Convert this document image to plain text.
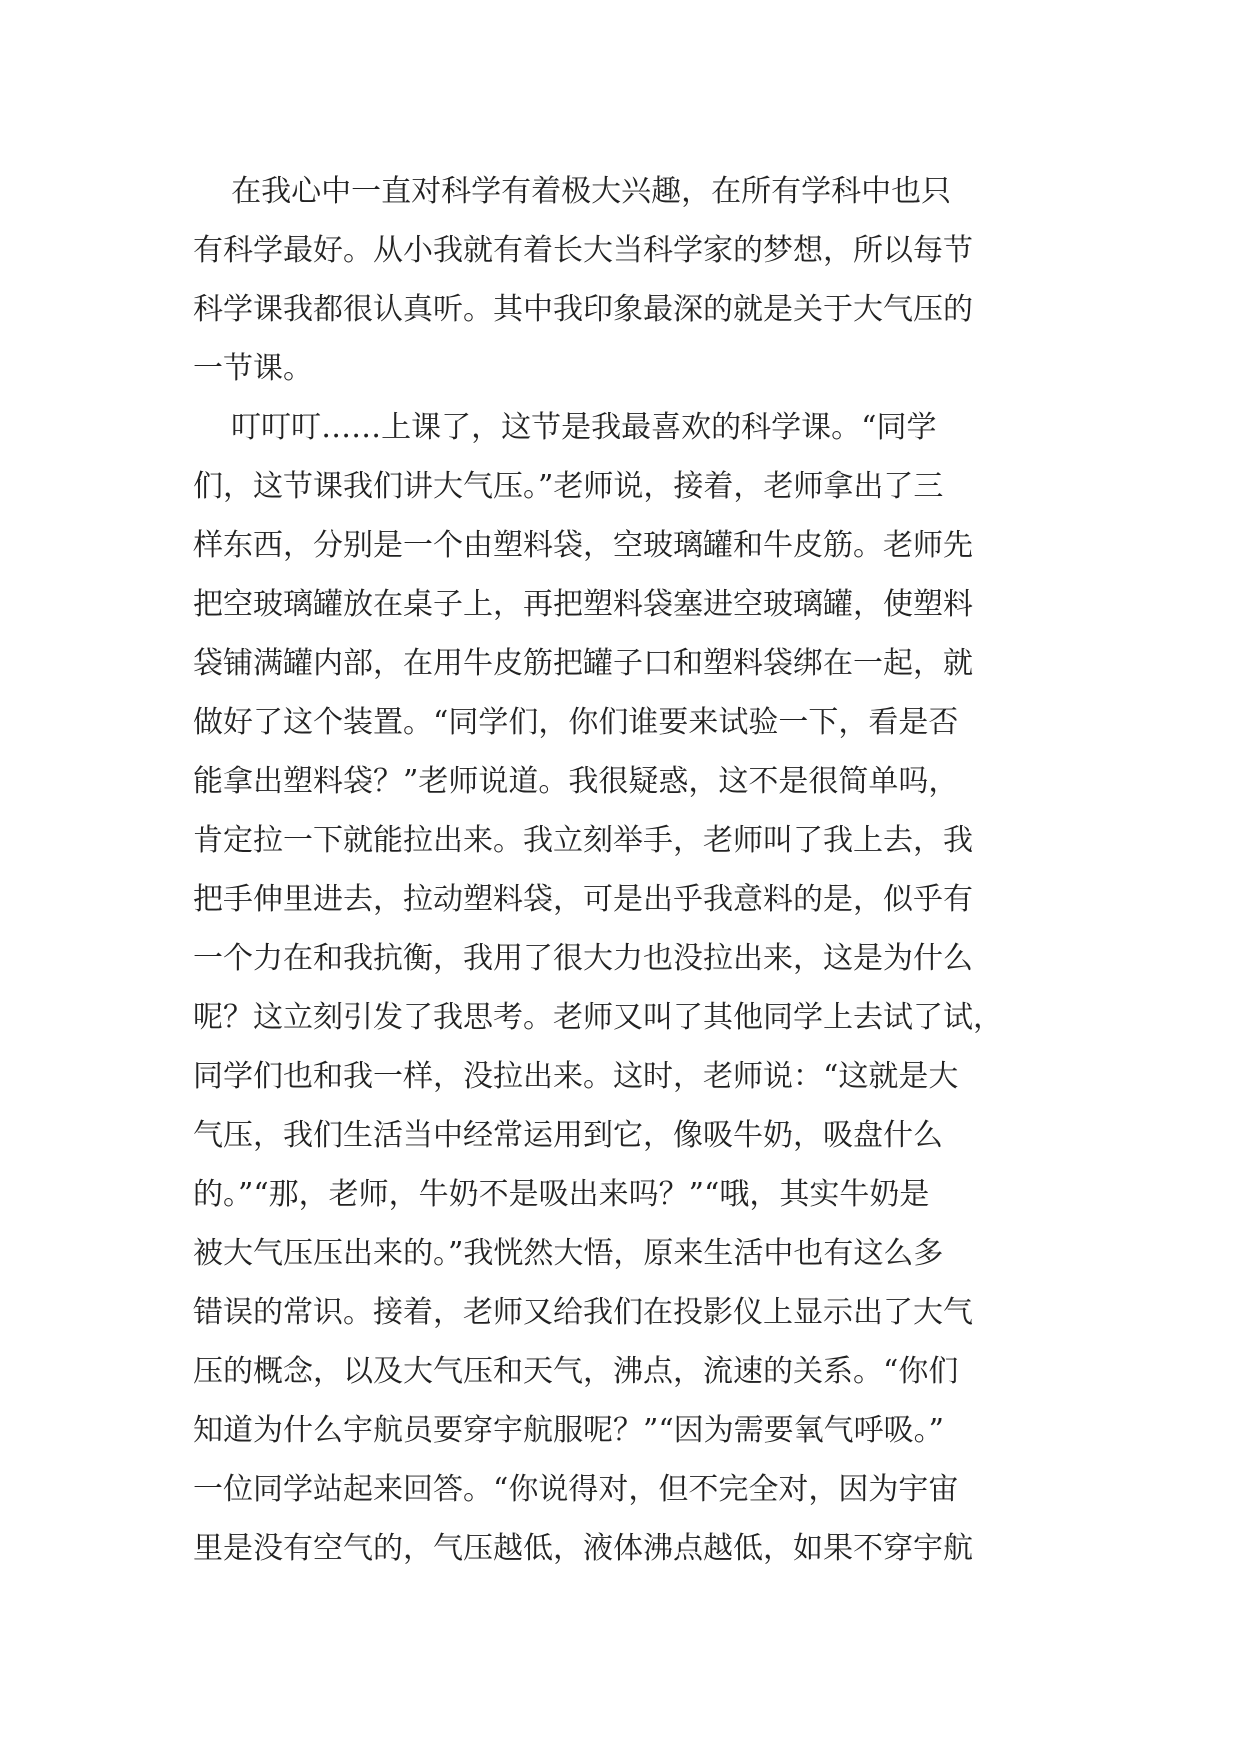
在我心中一直对科学有着极大兴趣，在所有学科中也只
有科学最好。从小我就有着长大当科学家的梦想，所以每节
科学课我都很认真听。其中我印象最深的就是关于大气压的
一节课。
叮叮叮……上课了，这节是我最喜欢的科学课。“同学
们，这节课我们讲大气压。”老师说，接着，老师拿出了三
样东西，分别是一个由塑料袋，空玻璃罐和牛皮筋。老师先
把空玻璃罐放在桌子上，再把塑料袋塞进空玻璃罐，使塑料
袋铺满罐内部，在用牛皮筋把罐子口和塑料袋绑在一起，就
做好了这个装置。“同学们，你们谁要来试验一下，看是否
能拿出塑料袋？”老师说道。我很疑惑，这不是很简单吗，
肯定拉一下就能拉出来。我立刻举手，老师叫了我上去，我
把手伸里进去，拉动塑料袋，可是出乎我意料的是，似乎有
一个力在和我抗衡，我用了很大力也没拉出来，这是为什么
呢？这立刻引发了我思考。老师又叫了其他同学上去试了试，
同学们也和我一样，没拉出来。这时，老师说：“这就是大
气压，我们生活当中经常运用到它，像吸牛奶，吸盘什么
的。”“那，老师，牛奶不是吸出来吗？”“哦，其实牛奶是
被大气压压出来的。”我恍然大悟，原来生活中也有这么多
错误的常识。接着，老师又给我们在投影仪上显示出了大气
压的概念，以及大气压和天气，沸点，流速的关系。“你们
知道为什么宇航员要穿宇航服呢？”“因为需要氧气呼吸。”
一位同学站起来回答。“你说得对，但不完全对，因为宇宙
里是没有空气的，气压越低，液体沸点越低，如果不穿宇航
